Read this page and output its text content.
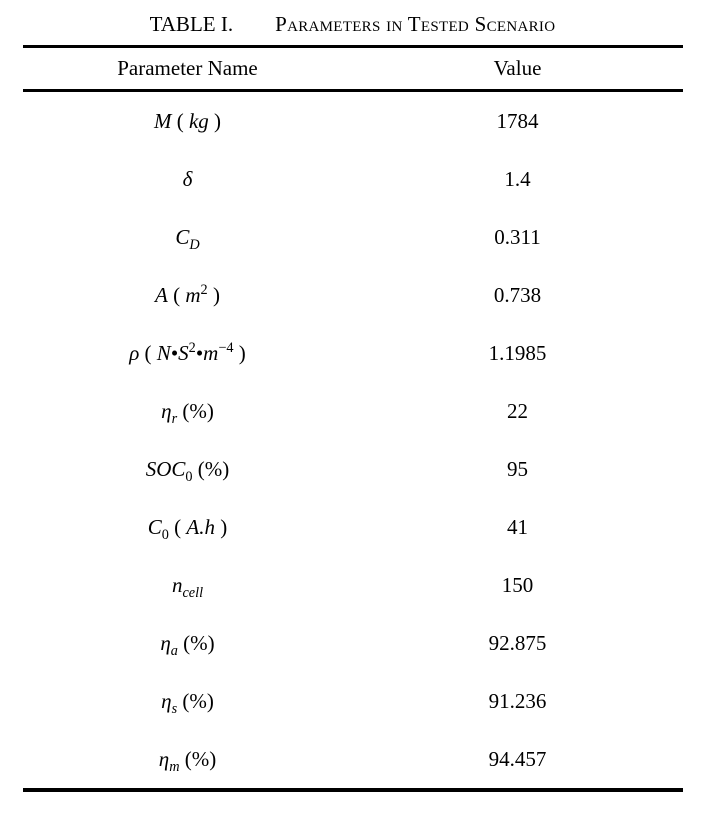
TABLE I. Parameters in Tested Scenario
Parameter Name	Value
M ( kg )	1784
δ	1.4
$C_D$	0.311
A ( $m^2$ )	0.738
ρ ( $N•S^2•m^{-4}$ )	1.1985
$\eta_r$ (%)	22
$SOC_0$ (%)	95
$C_0$ ( A.h )	41
$n_{cell}$	150
$\eta_a$ (%)	92.875
$\eta_s$ (%)	91.236
$\eta_m$ (%)	94.457
